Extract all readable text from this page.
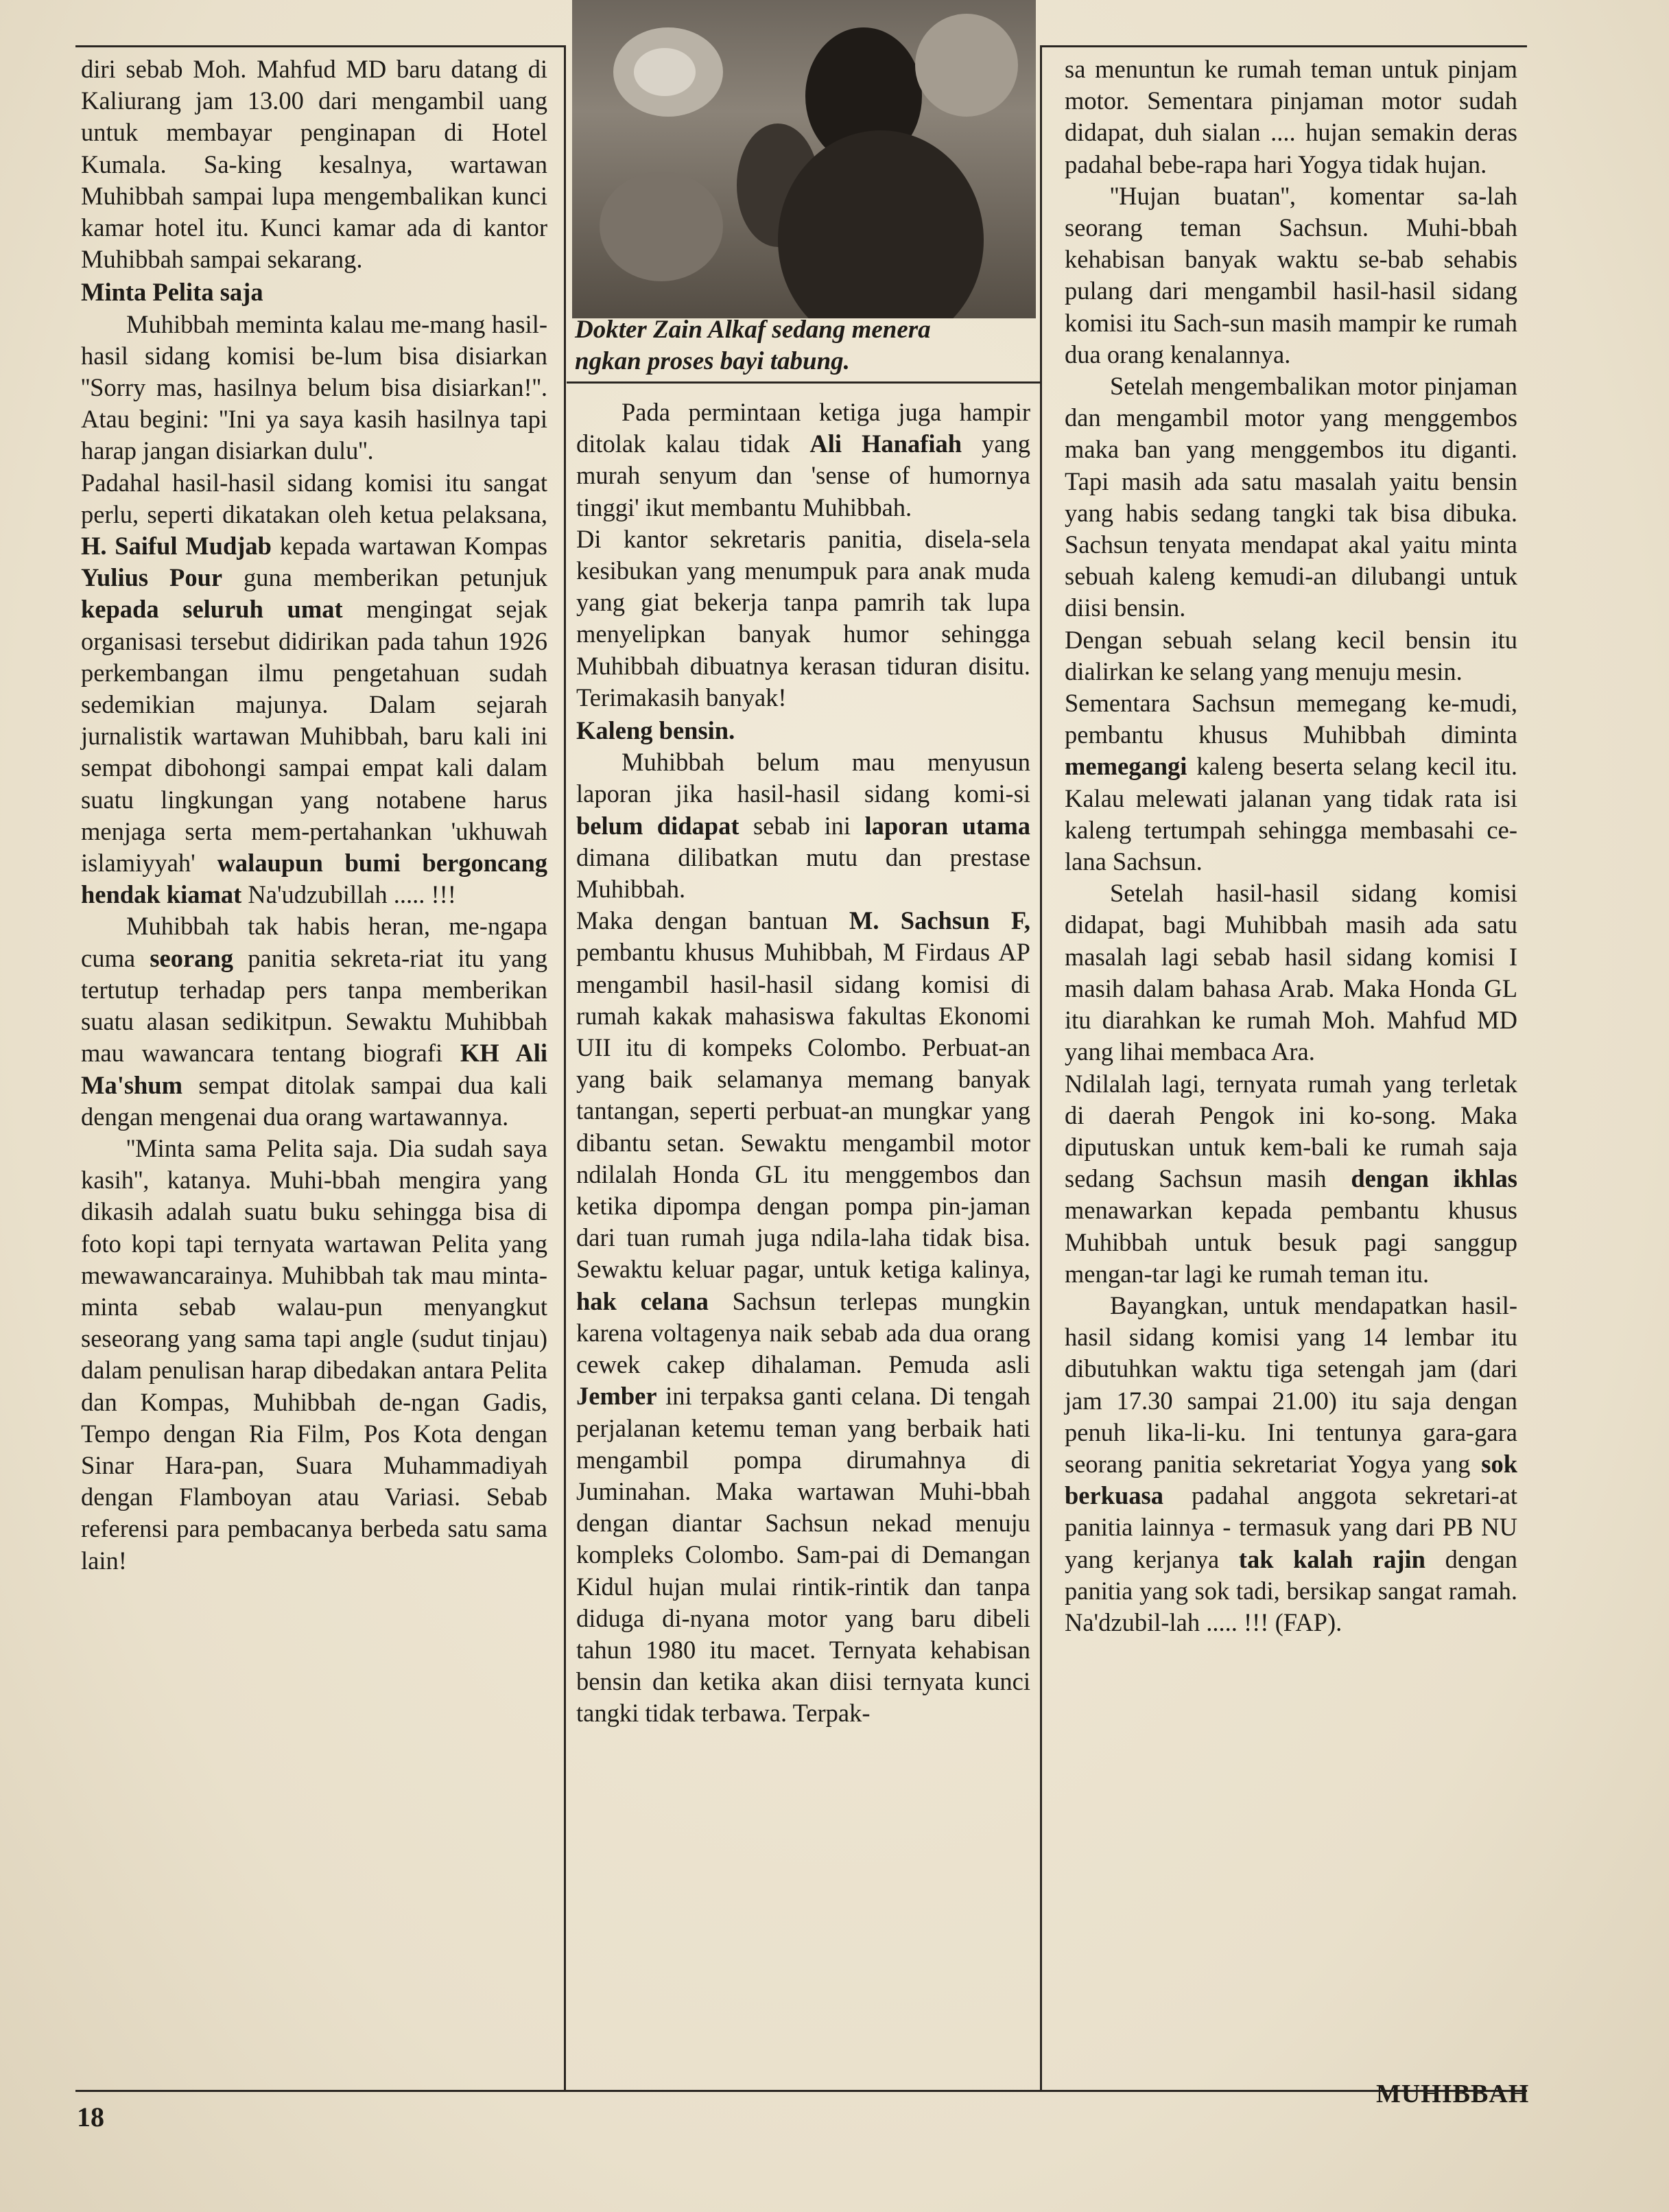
Dokter Zain Alkaf sedang menera
ngkan proses bayi tabung.

diri sebab Moh. Mahfud MD baru datang di Kaliurang jam 13.00 dari mengambil uang untuk membayar penginapan di Hotel Kumala. Sa-king kesalnya, wartawan Muhibbah sampai lupa mengembalikan kunci kamar hotel itu. Kunci kamar ada di kantor Muhibbah sampai sekarang.

Minta Pelita saja

Muhibbah meminta kalau me-mang hasil-hasil sidang komisi be-lum bisa disiarkan ''Sorry mas, hasilnya belum bisa disiarkan!''. Atau begini: ''Ini ya saya kasih hasilnya tapi harap jangan disiarkan dulu''.

Padahal hasil-hasil sidang komisi itu sangat perlu, seperti dikatakan oleh ketua pelaksana, H. Saiful Mudjab kepada wartawan Kompas Yulius Pour guna memberikan petunjuk kepada seluruh umat mengingat sejak organisasi tersebut didirikan pada tahun 1926 perkembangan ilmu pengetahuan sudah sedemikian majunya. Dalam sejarah jurnalistik wartawan Muhibbah, baru kali ini sempat dibohongi sampai empat kali dalam suatu lingkungan yang notabene harus menjaga serta mem-pertahankan 'ukhuwah islamiyyah' walaupun bumi bergoncang hendak kiamat Na'udzubillah ..... !!!

Muhibbah tak habis heran, me-ngapa cuma seorang panitia sekreta-riat itu yang tertutup terhadap pers tanpa memberikan suatu alasan sedikitpun. Sewaktu Muhibbah mau wawancara tentang biografi KH Ali Ma'shum sempat ditolak sampai dua kali dengan mengenai dua orang wartawannya.

''Minta sama Pelita saja. Dia sudah saya kasih'', katanya. Muhi-bbah mengira yang dikasih adalah suatu buku sehingga bisa di foto kopi tapi ternyata wartawan Pelita yang mewawancarainya. Muhibbah tak mau minta-minta sebab walau-pun menyangkut seseorang yang sama tapi angle (sudut tinjau) dalam penulisan harap dibedakan antara Pelita dan Kompas, Muhibbah de-ngan Gadis, Tempo dengan Ria Film, Pos Kota dengan Sinar Hara-pan, Suara Muhammadiyah dengan Flamboyan atau Variasi. Sebab referensi para pembacanya berbeda satu sama lain!

Pada permintaan ketiga juga hampir ditolak kalau tidak Ali Hanafiah yang murah senyum dan 'sense of humornya tinggi' ikut membantu Muhibbah.

Di kantor sekretaris panitia, disela-sela kesibukan yang menumpuk para anak muda yang giat bekerja tanpa pamrih tak lupa menyelipkan banyak humor sehingga Muhibbah dibuatnya kerasan tiduran disitu. Terimakasih banyak!

Kaleng bensin.

Muhibbah belum mau menyusun laporan jika hasil-hasil sidang komi-si belum didapat sebab ini laporan utama dimana dilibatkan mutu dan prestase Muhibbah.

Maka dengan bantuan M. Sachsun F, pembantu khusus Muhibbah, M Firdaus AP mengambil hasil-hasil sidang komisi di rumah kakak mahasiswa fakultas Ekonomi UII itu di kompeks Colombo. Perbuat-an yang baik selamanya memang banyak tantangan, seperti perbuat-an mungkar yang dibantu setan. Sewaktu mengambil motor ndilalah Honda GL itu menggembos dan ketika dipompa dengan pompa pin-jaman dari tuan rumah juga ndila-laha tidak bisa. Sewaktu keluar pagar, untuk ketiga kalinya, hak celana Sachsun terlepas mungkin karena voltagenya naik sebab ada dua orang cewek cakep dihalaman. Pemuda asli Jember ini terpaksa ganti celana. Di tengah perjalanan ketemu teman yang berbaik hati mengambil pompa dirumahnya di Juminahan. Maka wartawan Muhi-bbah dengan diantar Sachsun nekad menuju kompleks Colombo. Sam-pai di Demangan Kidul hujan mulai rintik-rintik dan tanpa diduga di-nyana motor yang baru dibeli tahun 1980 itu macet. Ternyata kehabisan bensin dan ketika akan diisi ternyata kunci tangki tidak terbawa. Terpak-

sa menuntun ke rumah teman untuk pinjam motor. Sementara pinjaman motor sudah didapat, duh sialan .... hujan semakin deras padahal bebe-rapa hari Yogya tidak hujan.

''Hujan buatan'', komentar sa-lah seorang teman Sachsun. Muhi-bbah kehabisan banyak waktu se-bab sehabis pulang dari mengambil hasil-hasil sidang komisi itu Sach-sun masih mampir ke rumah dua orang kenalannya.

Setelah mengembalikan motor pinjaman dan mengambil motor yang menggembos maka ban yang menggembos itu diganti. Tapi masih ada satu masalah yaitu bensin yang habis sedang tangki tak bisa dibuka. Sachsun tenyata mendapat akal yaitu minta sebuah kaleng kemudi-an dilubangi untuk diisi bensin.

Dengan sebuah selang kecil bensin itu dialirkan ke selang yang menuju mesin.

Sementara Sachsun memegang ke-mudi, pembantu khusus Muhibbah diminta memegangi kaleng beserta selang kecil itu. Kalau melewati jalanan yang tidak rata isi kaleng tertumpah sehingga membasahi ce-lana Sachsun.

Setelah hasil-hasil sidang komisi didapat, bagi Muhibbah masih ada satu masalah lagi sebab hasil sidang komisi I masih dalam bahasa Arab. Maka Honda GL itu diarahkan ke rumah Moh. Mahfud MD yang lihai membaca Ara.

Ndilalah lagi, ternyata rumah yang terletak di daerah Pengok ini ko-song. Maka diputuskan untuk kem-bali ke rumah saja sedang Sachsun masih dengan ikhlas menawarkan kepada pembantu khusus Muhibbah untuk besuk pagi sanggup mengan-tar lagi ke rumah teman itu.

Bayangkan, untuk mendapatkan hasil-hasil sidang komisi yang 14 lembar itu dibutuhkan waktu tiga setengah jam (dari jam 17.30 sampai 21.00) itu saja dengan penuh lika-li-ku. Ini tentunya gara-gara seorang panitia sekretariat Yogya yang sok berkuasa padahal anggota sekretari-at panitia lainnya - termasuk yang dari PB NU yang kerjanya tak kalah rajin dengan panitia yang sok tadi, bersikap sangat ramah. Na'dzubil-lah ..... !!! (FAP).

18
MUHIBBAH
